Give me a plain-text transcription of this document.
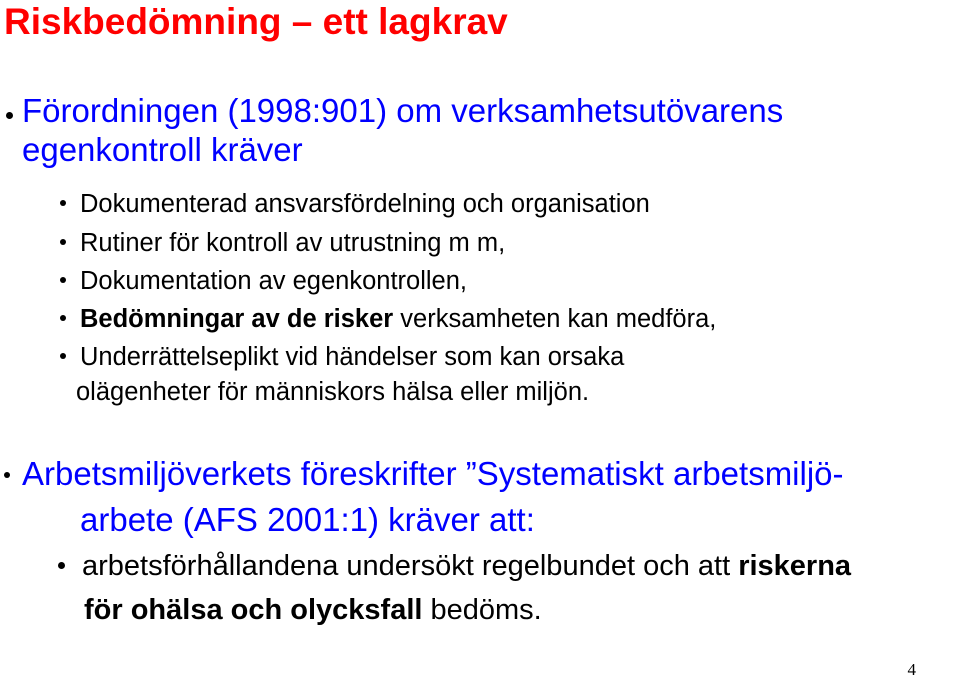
Riskbedömning – ett lagkrav
Förordningen (1998:901) om verksamhetsutövarens
egenkontroll kräver
Dokumenterad ansvarsfördelning och organisation
Rutiner för kontroll av utrustning m m,
Dokumentation av egenkontrollen,
Bedömningar av de risker verksamheten kan medföra,
Underrättelseplikt vid händelser som kan orsaka
olägenheter för människors hälsa eller miljön.
Arbetsmiljöverkets föreskrifter ”Systematiskt arbetsmiljö-
arbete (AFS 2001:1) kräver att:
arbetsförhållandena undersökt regelbundet och att riskerna
för ohälsa och olycksfall bedöms.
4
